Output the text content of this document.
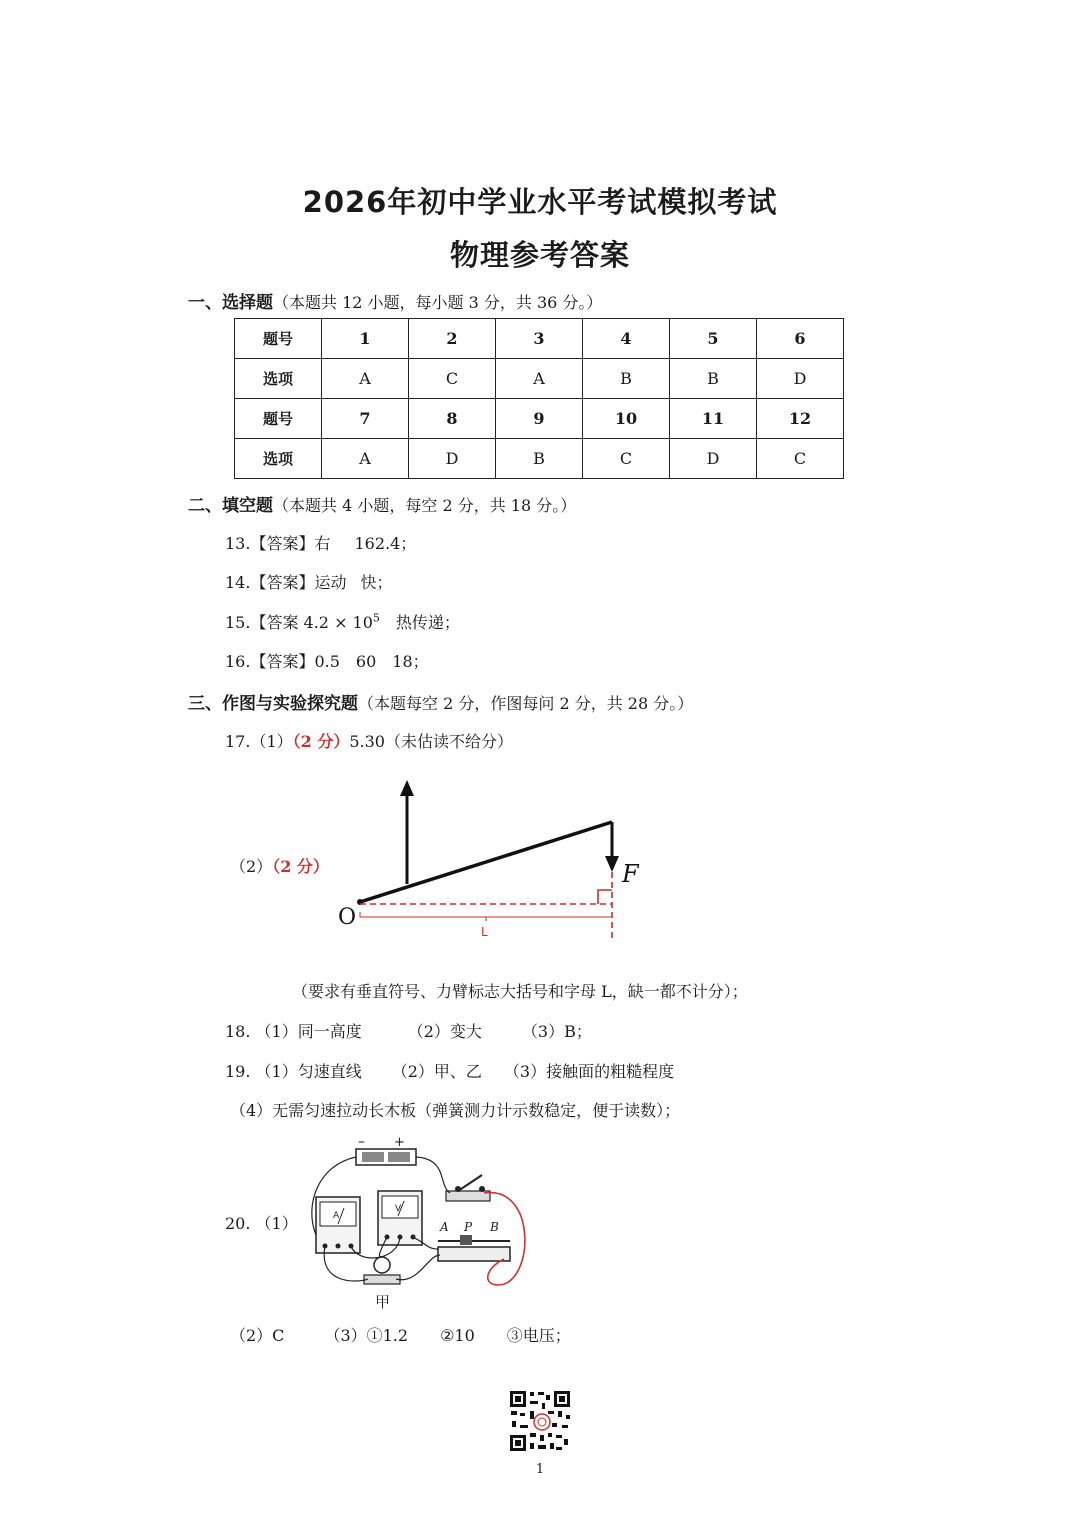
2026年初中学业水平考试模拟考试
物理参考答案
一、选择题（本题共 12 小题，每小题 3 分，共 36 分。）
题号	1	2	3	4	5	6
选项	A	C	A	B	B	D
题号	7	8	9	10	11	12
选项	A	D	B	C	D	C
二、填空题（本题共 4 小题，每空 2 分，共 18 分。）
13.【答案】右 162.4；
14.【答案】运动 快；
15.【答案 $4.2 \times 10^5$ 热传递；
16.【答案】0.5 60 18；
三、作图与实验探究题（本题每空 2 分，作图每问 2 分，共 28 分。）
17.（1）（2 分）5.30（未估读不给分）
（2）（2 分）
O
F
L
（要求有垂直符号、力臂标志大括号和字母 L，缺一都不计分）；
18. （1）同一高度	（2）变大	（3）B；
19. （1）匀速直线 （2）甲、乙 （3）接触面的粗糙程度
（4）无需匀速拉动长木板（弹簧测力计示数稳定，便于读数）；
20. （1）
– +
A
V
甲
A P B
（2）C	（3）①1.2 ②10 ③电压；
1
